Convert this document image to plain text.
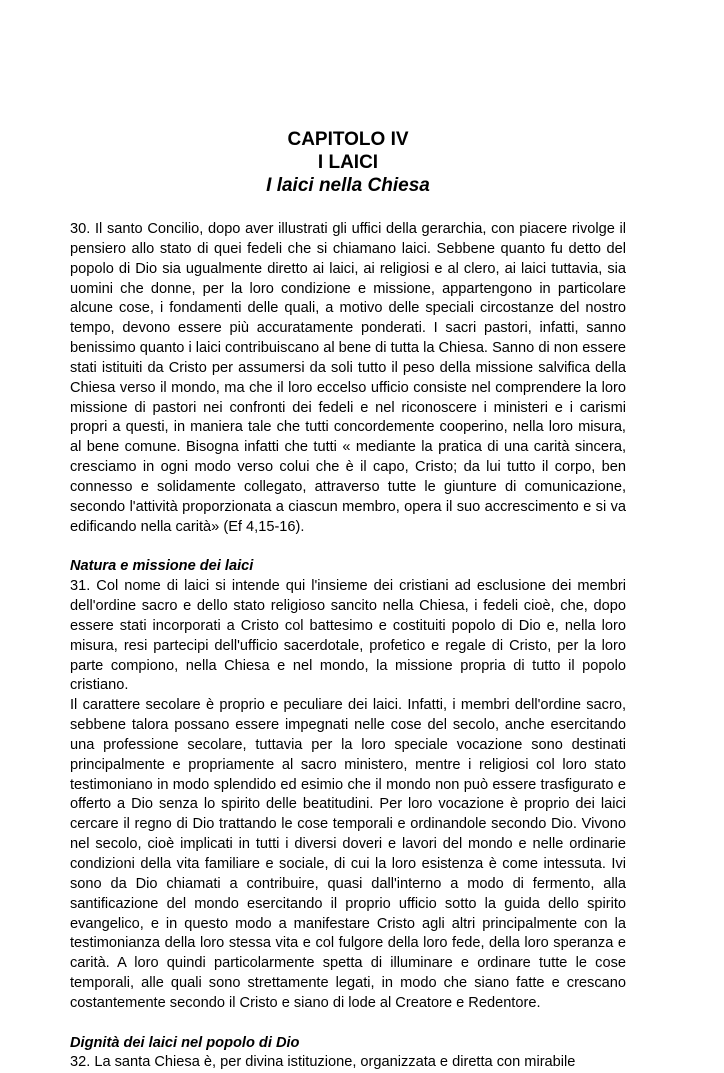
CAPITOLO IV
I LAICI
I laici nella Chiesa

30. Il santo Concilio, dopo aver illustrati gli uffici della gerarchia, con piacere rivolge il pensiero allo stato di quei fedeli che si chiamano laici. Sebbene quanto fu detto del popolo di Dio sia ugualmente diretto ai laici, ai religiosi e al clero, ai laici tuttavia, sia uomini che donne, per la loro condizione e missione, appartengono in particolare alcune cose, i fondamenti delle quali, a motivo delle speciali circostanze del nostro tempo, devono essere più accuratamente ponderati. I sacri pastori, infatti, sanno benissimo quanto i laici contribuiscano al bene di tutta la Chiesa. Sanno di non essere stati istituiti da Cristo per assumersi da soli tutto il peso della missione salvifica della Chiesa verso il mondo, ma che il loro eccelso ufficio consiste nel comprendere la loro missione di pastori nei confronti dei fedeli e nel riconoscere i ministeri e i carismi propri a questi, in maniera tale che tutti concordemente cooperino, nella loro misura, al bene comune. Bisogna infatti che tutti « mediante la pratica di una carità sincera, cresciamo in ogni modo verso colui che è il capo, Cristo; da lui tutto il corpo, ben connesso e solidamente collegato, attraverso tutte le giunture di comunicazione, secondo l'attività proporzionata a ciascun membro, opera il suo accrescimento e si va edificando nella carità» (Ef 4,15-16).

Natura e missione dei laici

31. Col nome di laici si intende qui l'insieme dei cristiani ad esclusione dei membri dell'ordine sacro e dello stato religioso sancito nella Chiesa, i fedeli cioè, che, dopo essere stati incorporati a Cristo col battesimo e costituiti popolo di Dio e, nella loro misura, resi partecipi dell'ufficio sacerdotale, profetico e regale di Cristo, per la loro parte compiono, nella Chiesa e nel mondo, la missione propria di tutto il popolo cristiano.

Il carattere secolare è proprio e peculiare dei laici. Infatti, i membri dell'ordine sacro, sebbene talora possano essere impegnati nelle cose del secolo, anche esercitando una professione secolare, tuttavia per la loro speciale vocazione sono destinati principalmente e propriamente al sacro ministero, mentre i religiosi col loro stato testimoniano in modo splendido ed esimio che il mondo non può essere trasfigurato e offerto a Dio senza lo spirito delle beatitudini. Per loro vocazione è proprio dei laici cercare il regno di Dio trattando le cose temporali e ordinandole secondo Dio. Vivono nel secolo, cioè implicati in tutti i diversi doveri e lavori del mondo e nelle ordinarie condizioni della vita familiare e sociale, di cui la loro esistenza è come intessuta. Ivi sono da Dio chiamati a contribuire, quasi dall'interno a modo di fermento, alla santificazione del mondo esercitando il proprio ufficio sotto la guida dello spirito evangelico, e in questo modo a manifestare Cristo agli altri principalmente con la testimonianza della loro stessa vita e col fulgore della loro fede, della loro speranza e carità. A loro quindi particolarmente spetta di illuminare e ordinare tutte le cose temporali, alle quali sono strettamente legati, in modo che siano fatte e crescano costantemente secondo il Cristo e siano di lode al Creatore e Redentore.

Dignità dei laici nel popolo di Dio

32. La santa Chiesa è, per divina istituzione, organizzata e diretta con mirabile
